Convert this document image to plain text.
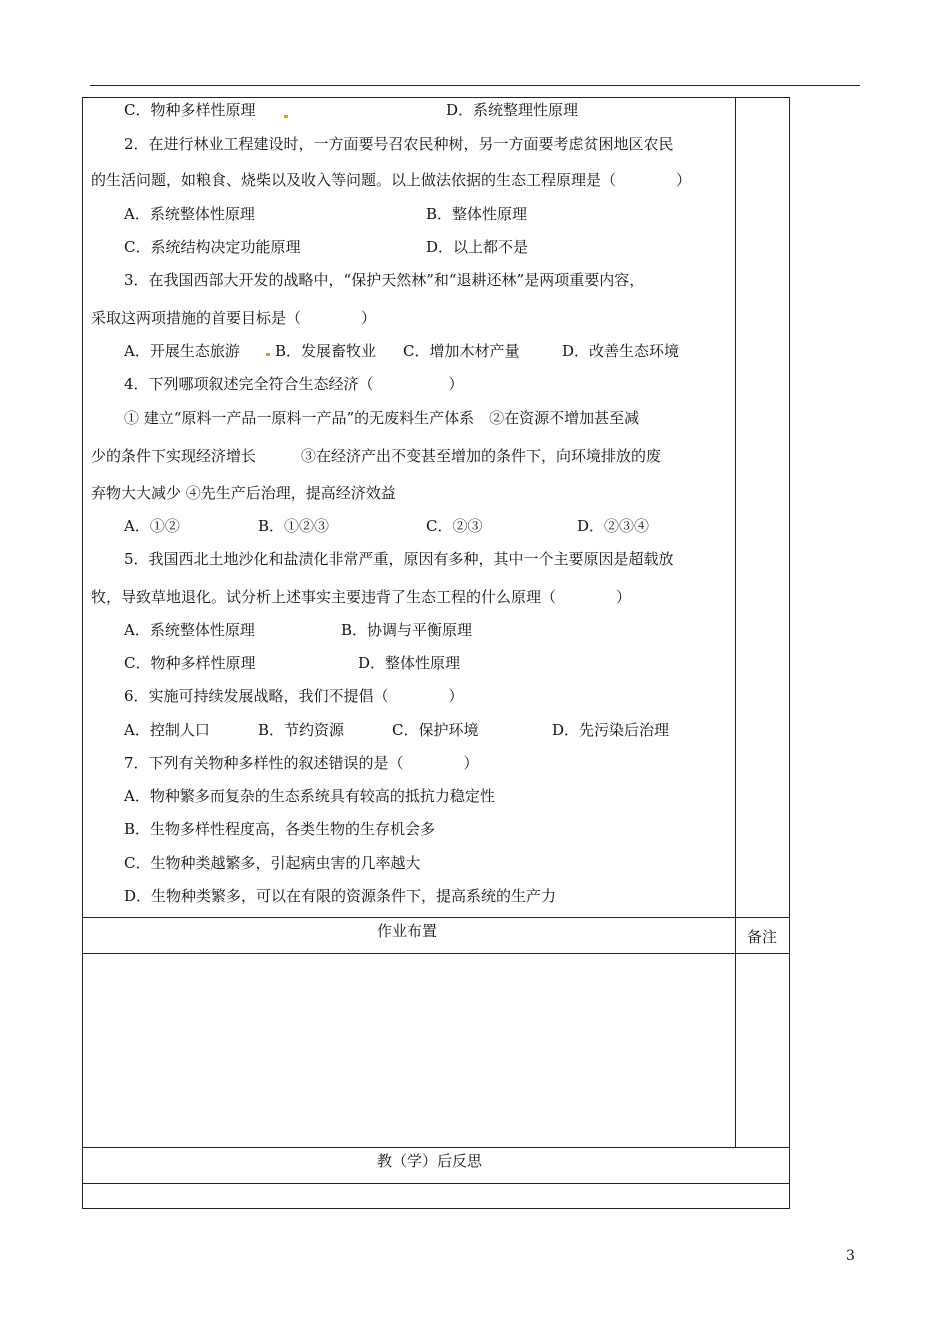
C．物种多样性原理	D．系统整理性原理
2．在进行林业工程建设时，一方面要号召农民种树，另一方面要考虑贫困地区农民
的生活问题，如粮食、烧柴以及收入等问题。以上做法依据的生态工程原理是（　　　　）
A．系统整体性原理	B．整体性原理
C．系统结构决定功能原理	D．以上都不是
3．在我国西部大开发的战略中，“保护天然林”和“退耕还林”是两项重要内容，
采取这两项措施的首要目标是（　　　　）
A．开展生态旅游 B．发展畜牧业 C．增加木材产量	D．改善生态环境
4．下列哪项叙述完全符合生态经济（　　　　　）
① 建立“原料一产品一原料一产品”的无废料生产体系　②在资源不增加甚至减
少的条件下实现经济增长　　　③在经济产出不变甚至增加的条件下，向环境排放的废
弃物大大减少 ④先生产后治理，提高经济效益
A．①②	B．①②③	C．②③	D．②③④
5．我国西北土地沙化和盐渍化非常严重，原因有多种，其中一个主要原因是超载放
牧，导致草地退化。试分析上述事实主要违背了生态工程的什么原理（　　　　）
A．系统整体性原理	B．协调与平衡原理
C．物种多样性原理	D．整体性原理
6．实施可持续发展战略，我们不提倡（　　　　）
A．控制人口	B．节约资源	C．保护环境	D．先污染后治理
7．下列有关物种多样性的叙述错误的是（　　　　）
A．物种繁多而复杂的生态系统具有较高的抵抗力稳定性
B．生物多样性程度高，各类生物的生存机会多
C．生物种类越繁多，引起病虫害的几率越大
D．生物种类繁多，可以在有限的资源条件下，提高系统的生产力
作业布置	备注
教（学）后反思
3
